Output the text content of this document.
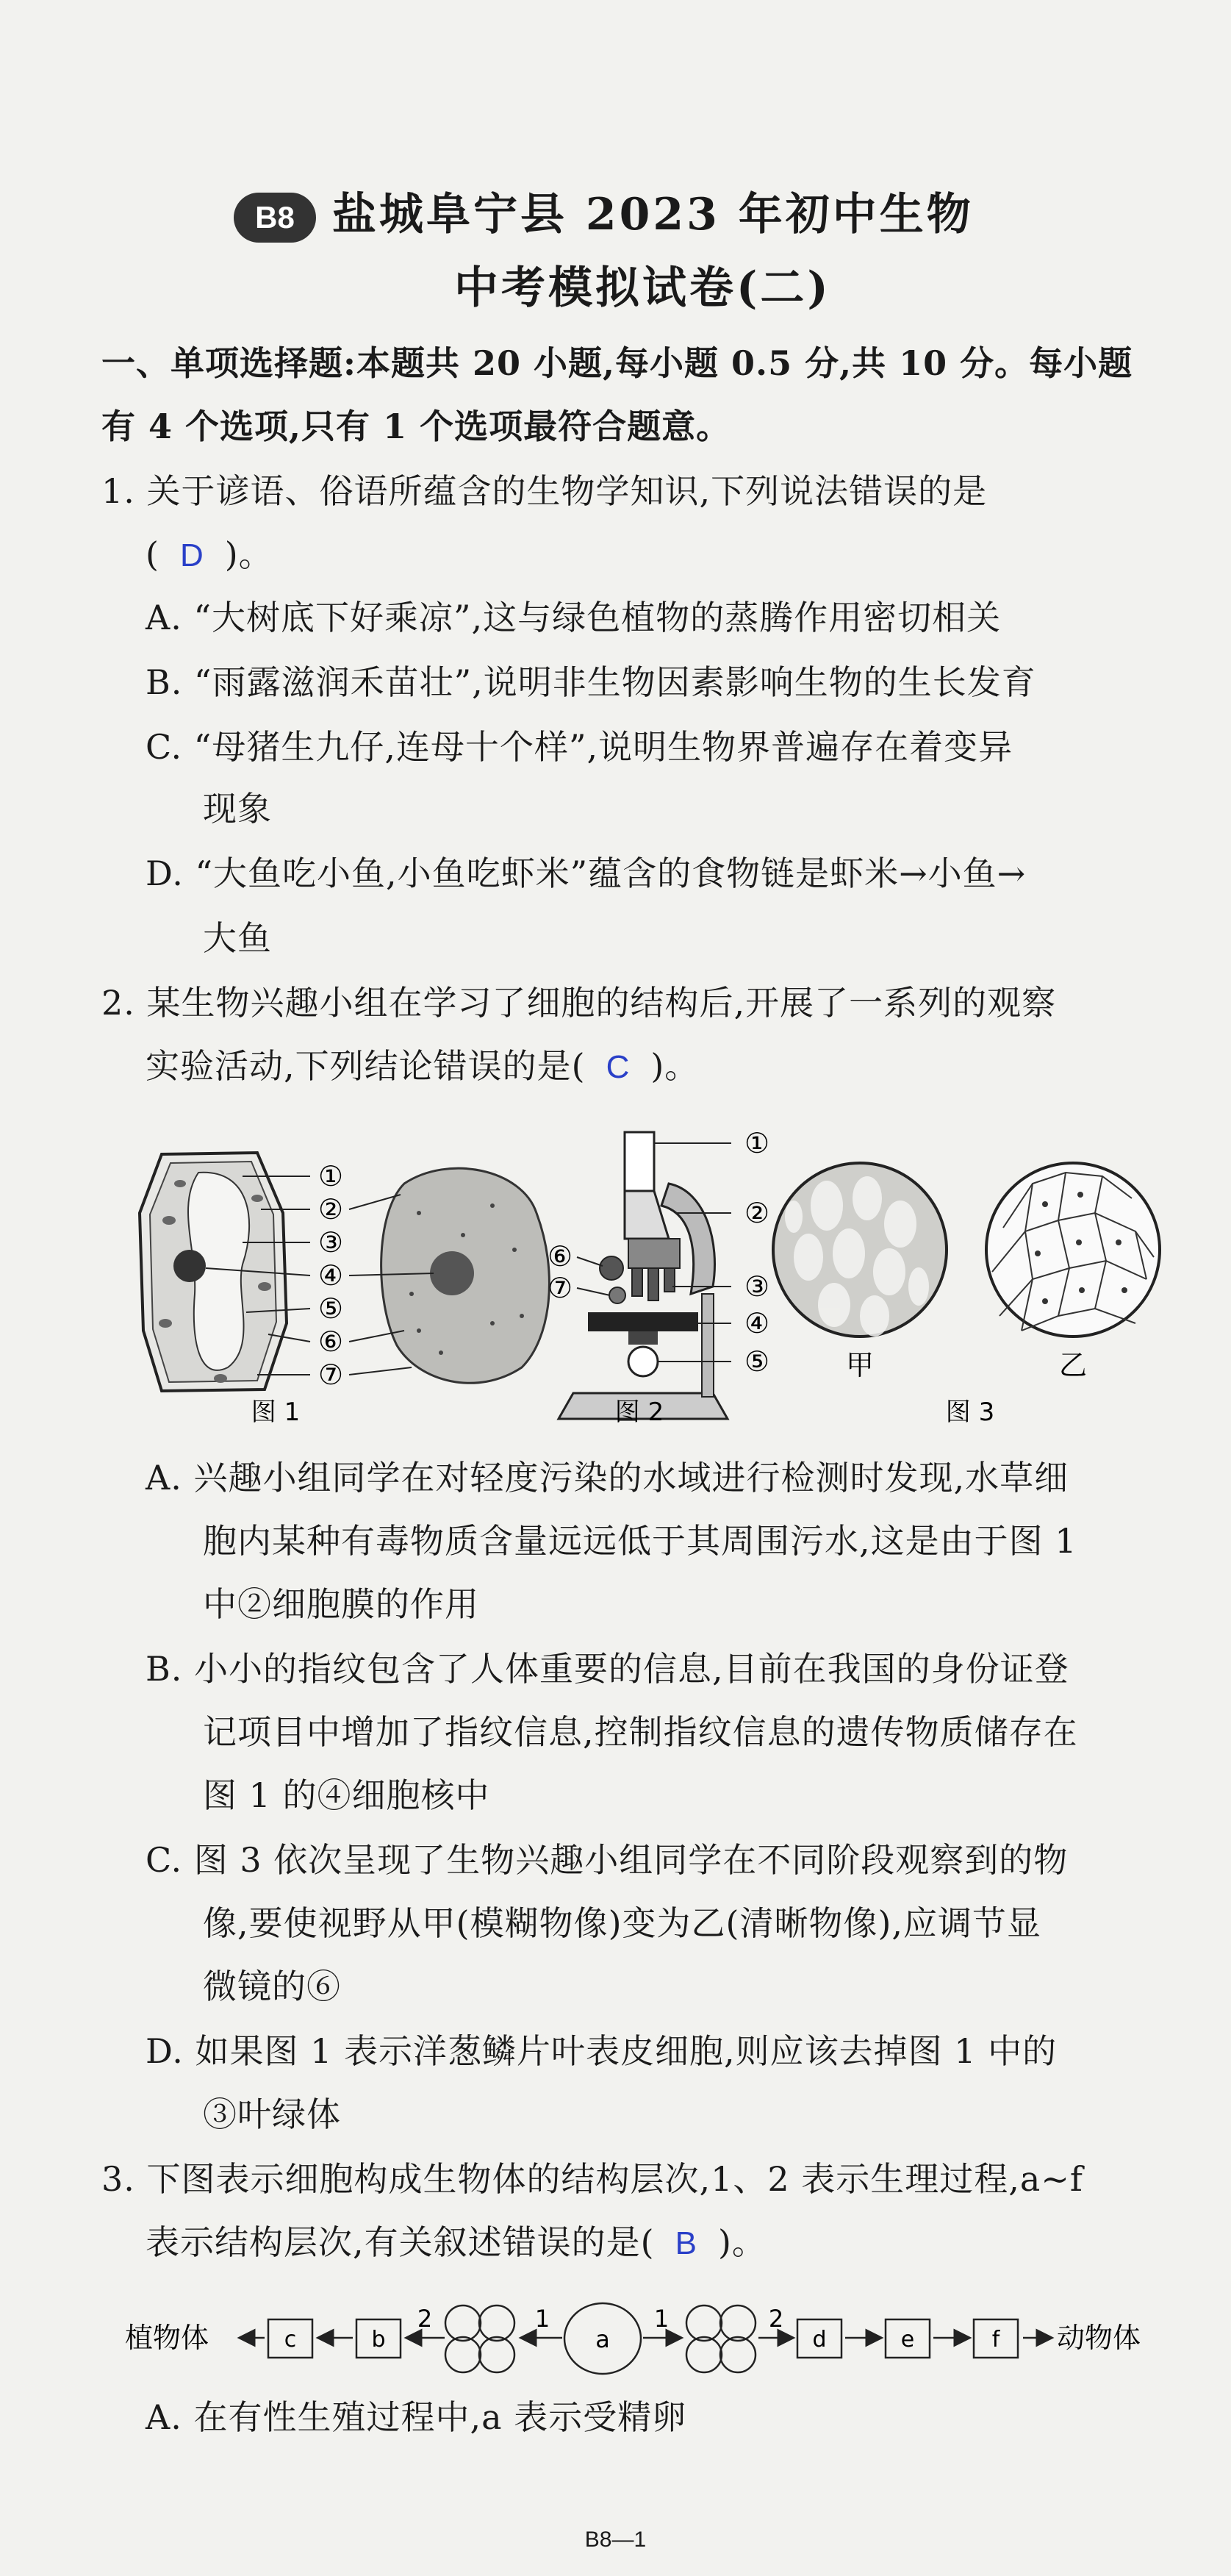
B8 盐城阜宁县 2023 年初中生物
中考模拟试卷(二)
一、单项选择题:本题共 20 小题,每小题 0.5 分,共 10 分。每小题
有 4 个选项,只有 1 个选项最符合题意。
1. 关于谚语、俗语所蕴含的生物学知识,下列说法错误的是
( D )。
A. “大树底下好乘凉”,这与绿色植物的蒸腾作用密切相关
B. “雨露滋润禾苗壮”,说明非生物因素影响生物的生长发育
C. “母猪生九仔,连母十个样”,说明生物界普遍存在着变异
现象
D. “大鱼吃小鱼,小鱼吃虾米”蕴含的食物链是虾米→小鱼→
大鱼
2. 某生物兴趣小组在学习了细胞的结构后,开展了一系列的观察
实验活动,下列结论错误的是( C )。
①
②
③
④
⑤
⑥
⑦
图 1
①
②
③
④
⑤
⑥
⑦
图 2
甲	乙
图 3
A. 兴趣小组同学在对轻度污染的水域进行检测时发现,水草细
胞内某种有毒物质含量远远低于其周围污水,这是由于图 1
中②细胞膜的作用
B. 小小的指纹包含了人体重要的信息,目前在我国的身份证登
记项目中增加了指纹信息,控制指纹信息的遗传物质储存在
图 1 的④细胞核中
C. 图 3 依次呈现了生物兴趣小组同学在不同阶段观察到的物
像,要使视野从甲(模糊物像)变为乙(清晰物像),应调节显
微镜的⑥
D. 如果图 1 表示洋葱鳞片叶表皮细胞,则应该去掉图 1 中的
③叶绿体
3. 下图表示细胞构成生物体的结构层次,1、2 表示生理过程,a~f
表示结构层次,有关叙述错误的是( B )。
植物体	c	b
2	1
a
1	2
d	e	f 动物体
A. 在有性生殖过程中,a 表示受精卵
B8—1
